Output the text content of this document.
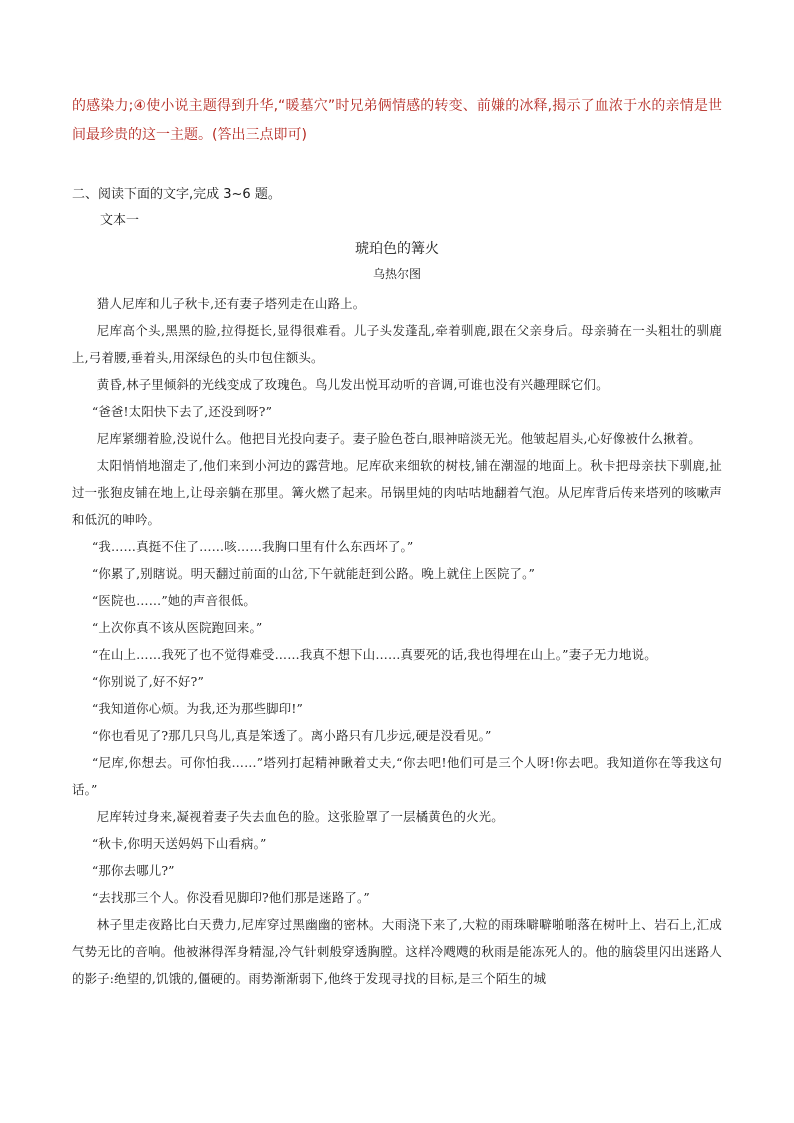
的感染力;④使小说主题得到升华,“暖墓穴”时兄弟俩情感的转变、前嫌的冰释,揭示了血浓于水的亲情是世间最珍贵的这一主题。(答出三点即可)

二、阅读下面的文字,完成 3~6 题。
文本一
琥珀色的篝火
乌热尔图

猎人尼库和儿子秋卡,还有妻子塔列走在山路上。

尼库高个头,黑黑的脸,拉得挺长,显得很难看。儿子头发蓬乱,牵着驯鹿,跟在父亲身后。母亲骑在一头粗壮的驯鹿上,弓着腰,垂着头,用深绿色的头巾包住额头。

黄昏,林子里倾斜的光线变成了玫瑰色。鸟儿发出悦耳动听的音调,可谁也没有兴趣理睬它们。

“爸爸!太阳快下去了,还没到呀?”

尼库紧绷着脸,没说什么。他把目光投向妻子。妻子脸色苍白,眼神暗淡无光。他皱起眉头,心好像被什么揪着。

太阳悄悄地溜走了,他们来到小河边的露营地。尼库砍来细软的树枝,铺在潮湿的地面上。秋卡把母亲扶下驯鹿,扯过一张狍皮铺在地上,让母亲躺在那里。篝火燃了起来。吊锅里炖的肉咕咕地翻着气泡。从尼库背后传来塔列的咳嗽声和低沉的呻吟。

“我……真挺不住了……咳……我胸口里有什么东西坏了。”

“你累了,别瞎说。明天翻过前面的山岔,下午就能赶到公路。晚上就住上医院了。”

“医院也……”她的声音很低。

“上次你真不该从医院跑回来。”

“在山上……我死了也不觉得难受……我真不想下山……真要死的话,我也得埋在山上。”妻子无力地说。

“你别说了,好不好?”

“我知道你心烦。为我,还为那些脚印!”

“你也看见了?那几只鸟儿,真是笨透了。离小路只有几步远,硬是没看见。”

“尼库,你想去。可你怕我……”塔列打起精神瞅着丈夫,“你去吧!他们可是三个人呀!你去吧。我知道你在等我这句话。”

尼库转过身来,凝视着妻子失去血色的脸。这张脸罩了一层橘黄色的火光。

“秋卡,你明天送妈妈下山看病。”

“那你去哪儿?”

“去找那三个人。你没看见脚印?他们那是迷路了。”

林子里走夜路比白天费力,尼库穿过黑幽幽的密林。大雨浇下来了,大粒的雨珠噼噼啪啪落在树叶上、岩石上,汇成气势无比的音响。他被淋得浑身精湿,冷气针刺般穿透胸膛。这样冷飕飕的秋雨是能冻死人的。他的脑袋里闪出迷路人的影子:绝望的,饥饿的,僵硬的。雨势渐渐弱下,他终于发现寻找的目标,是三个陌生的城
